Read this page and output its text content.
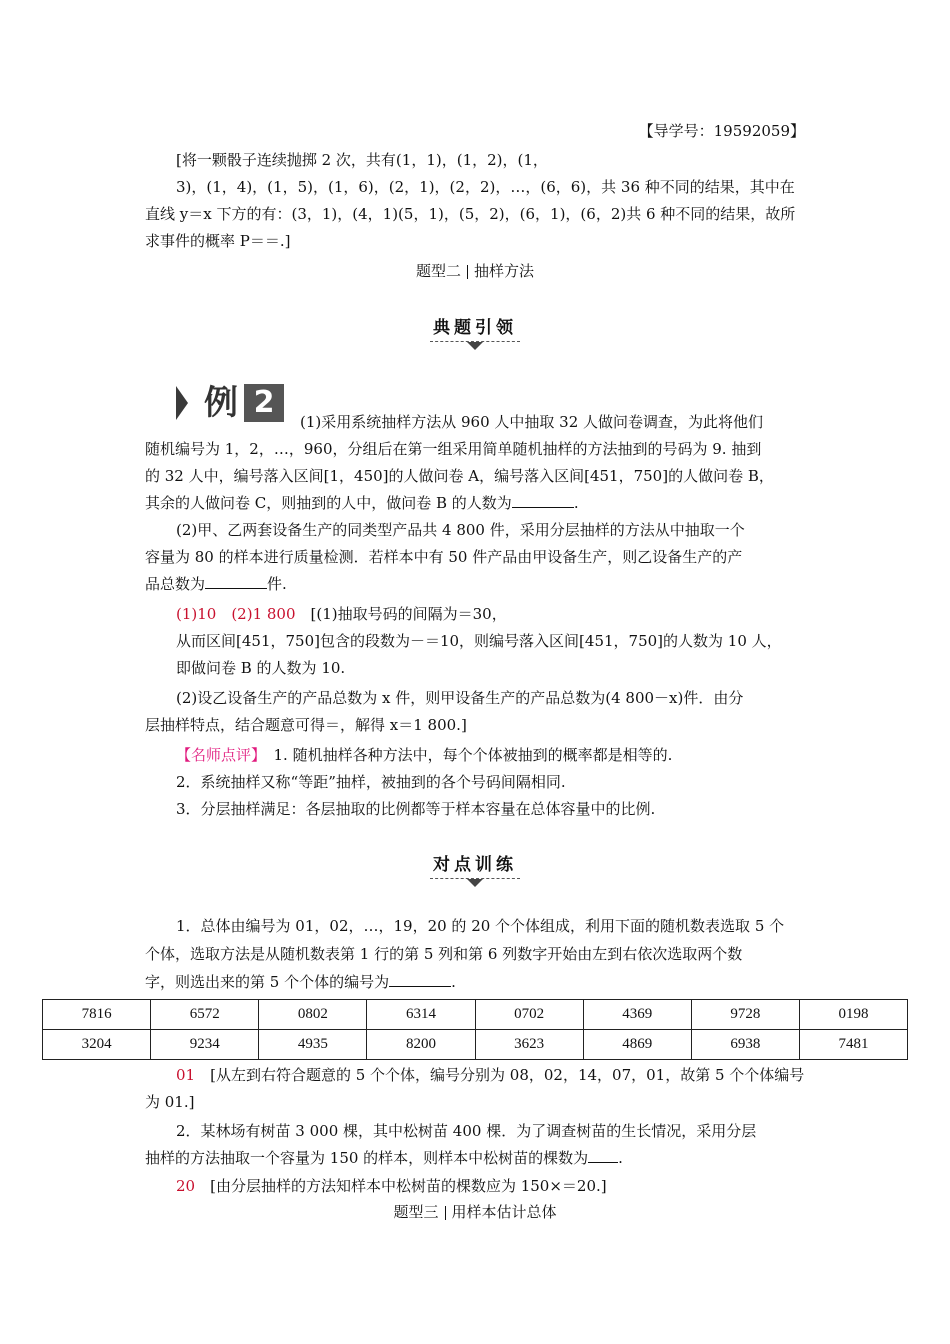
【导学号：19592059】
[将一颗骰子连续抛掷 2 次，共有(1，1)，(1，2)，(1，
3)，(1，4)，(1，5)，(1，6)，(2，1)，(2，2)，…，(6，6)，共 36 种不同的结果，其中在
直线 y＝x 下方的有：(3，1)，(4，1)(5，1)，(5，2)，(6，1)，(6，2)共 6 种不同的结果，故所
求事件的概率 P＝＝.]
题型二 抽样方法
典题引领
例 2
(1)采用系统抽样方法从 960 人中抽取 32 人做问卷调查，为此将他们
随机编号为 1，2，…，960，分组后在第一组采用简单随机抽样的方法抽到的号码为 9. 抽到
的 32 人中，编号落入区间[1，450]的人做问卷 A，编号落入区间[451，750]的人做问卷 B，
其余的人做问卷 C，则抽到的人中，做问卷 B 的人数为	.
(2)甲、乙两套设备生产的同类型产品共 4 800 件，采用分层抽样的方法从中抽取一个
容量为 80 的样本进行质量检测．若样本中有 50 件产品由甲设备生产，则乙设备生产的产
品总数为	件.
(1)10　(2)1 800　[(1)抽取号码的间隔为＝30，
从而区间[451，750]包含的段数为－＝10，则编号落入区间[451，750]的人数为 10 人，
即做问卷 B 的人数为 10.
(2)设乙设备生产的产品总数为 x 件，则甲设备生产的产品总数为(4 800－x)件．由分
层抽样特点，结合题意可得＝，解得 x＝1 800.]
【名师点评】　1. 随机抽样各种方法中，每个个体被抽到的概率都是相等的.
2．系统抽样又称“等距”抽样，被抽到的各个号码间隔相同.
3．分层抽样满足：各层抽取的比例都等于样本容量在总体容量中的比例.
对点训练
1．总体由编号为 01，02，…，19，20 的 20 个个体组成，利用下面的随机数表选取 5 个
个体，选取方法是从随机数表第 1 行的第 5 列和第 6 列数字开始由左到右依次选取两个数
字，则选出来的第 5 个个体的编号为	.
7816	6572	0802	6314	0702	4369	9728	0198
3204	9234	4935	8200	3623	4869	6938	7481
01　[从左到右符合题意的 5 个个体，编号分别为 08，02，14，07，01，故第 5 个个体编号
为 01.]
2．某林场有树苗 3 000 棵，其中松树苗 400 棵．为了调查树苗的生长情况，采用分层
抽样的方法抽取一个容量为 150 的样本，则样本中松树苗的棵数为 .
20　[由分层抽样的方法知样本中松树苗的棵数应为 150×＝20.]
题型三 用样本估计总体
